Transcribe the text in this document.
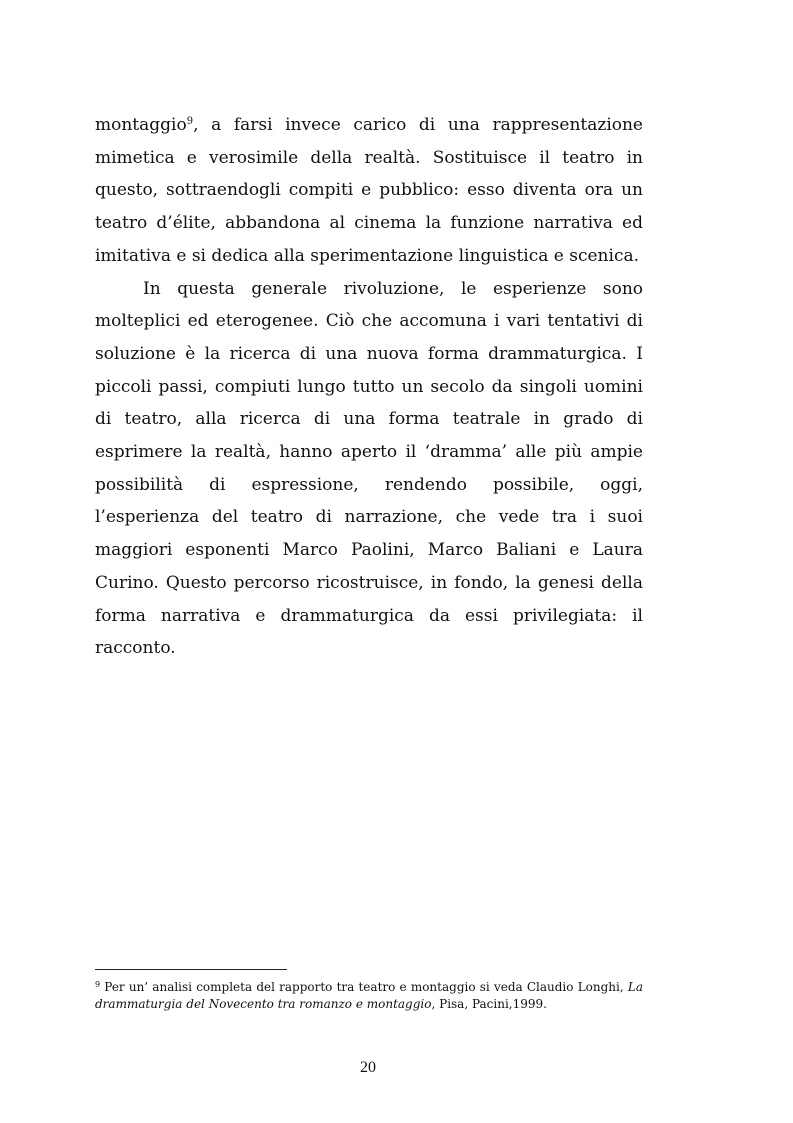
montaggio$^9$, a farsi invece carico di una rappresentazione mimetica e verosimile della realtà. Sostituisce il teatro in questo, sottraendogli compiti e pubblico: esso diventa ora un teatro d’élite, abbandona al cinema la funzione narrativa ed imitativa e si dedica alla sperimentazione linguistica e scenica.

In questa generale rivoluzione, le esperienze sono molteplici ed eterogenee. Ciò che accomuna i vari tentativi di soluzione è la ricerca di una nuova forma drammaturgica. I piccoli passi, compiuti lungo tutto un secolo da singoli uomini di teatro, alla ricerca di una forma teatrale in grado di esprimere la realtà, hanno aperto il ‘dramma’ alle più ampie possibilità di espressione, rendendo possibile, oggi, l’esperienza del teatro di narrazione, che vede tra i suoi maggiori esponenti Marco Paolini, Marco Baliani e Laura Curino. Questo percorso ricostruisce, in fondo, la genesi della forma narrativa e drammaturgica da essi privilegiata: il racconto.

$^9$ Per un’ analisi completa del rapporto tra teatro e montaggio si veda Claudio Longhi, La drammaturgia del Novecento tra romanzo e montaggio, Pisa, Pacini,1999.
20
